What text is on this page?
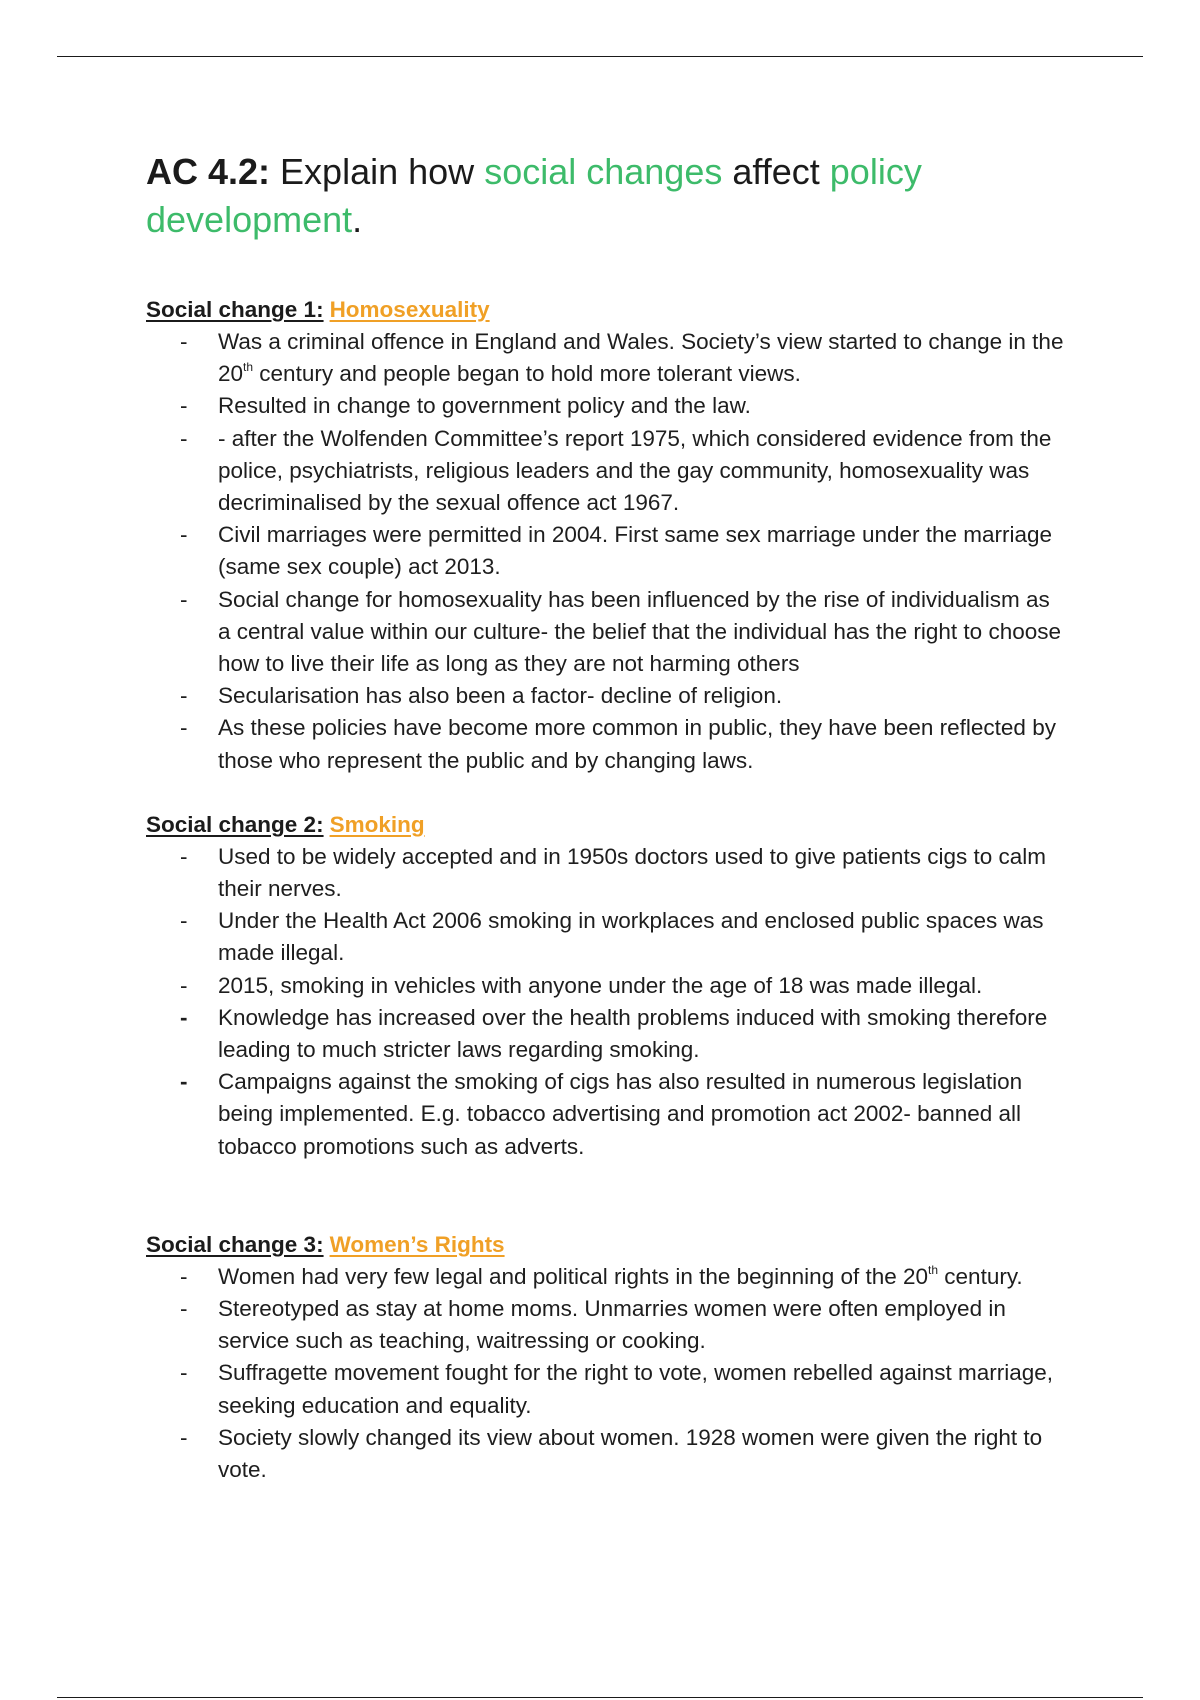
AC 4.2: Explain how social changes affect policy development.
Social change 1: Homosexuality
- Was a criminal offence in England and Wales. Society’s view started to change in the 20th century and people began to hold more tolerant views.
- Resulted in change to government policy and the law.
- - after the Wolfenden Committee’s report 1975, which considered evidence from the police, psychiatrists, religious leaders and the gay community, homosexuality was decriminalised by the sexual offence act 1967.
- Civil marriages were permitted in 2004. First same sex marriage under the marriage (same sex couple) act 2013.
- Social change for homosexuality has been influenced by the rise of individualism as a central value within our culture- the belief that the individual has the right to choose how to live their life as long as they are not harming others
- Secularisation has also been a factor- decline of religion.
- As these policies have become more common in public, they have been reflected by those who represent the public and by changing laws.
Social change 2: Smoking
- Used to be widely accepted and in 1950s doctors used to give patients cigs to calm their nerves.
- Under the Health Act 2006 smoking in workplaces and enclosed public spaces was made illegal.
- 2015, smoking in vehicles with anyone under the age of 18 was made illegal.
- Knowledge has increased over the health problems induced with smoking therefore leading to much stricter laws regarding smoking.
- Campaigns against the smoking of cigs has also resulted in numerous legislation being implemented. E.g. tobacco advertising and promotion act 2002- banned all tobacco promotions such as adverts.
Social change 3: Women’s Rights
- Women had very few legal and political rights in the beginning of the 20th century.
- Stereotyped as stay at home moms. Unmarries women were often employed in service such as teaching, waitressing or cooking.
- Suffragette movement fought for the right to vote, women rebelled against marriage, seeking education and equality.
- Society slowly changed its view about women. 1928 women were given the right to vote.
